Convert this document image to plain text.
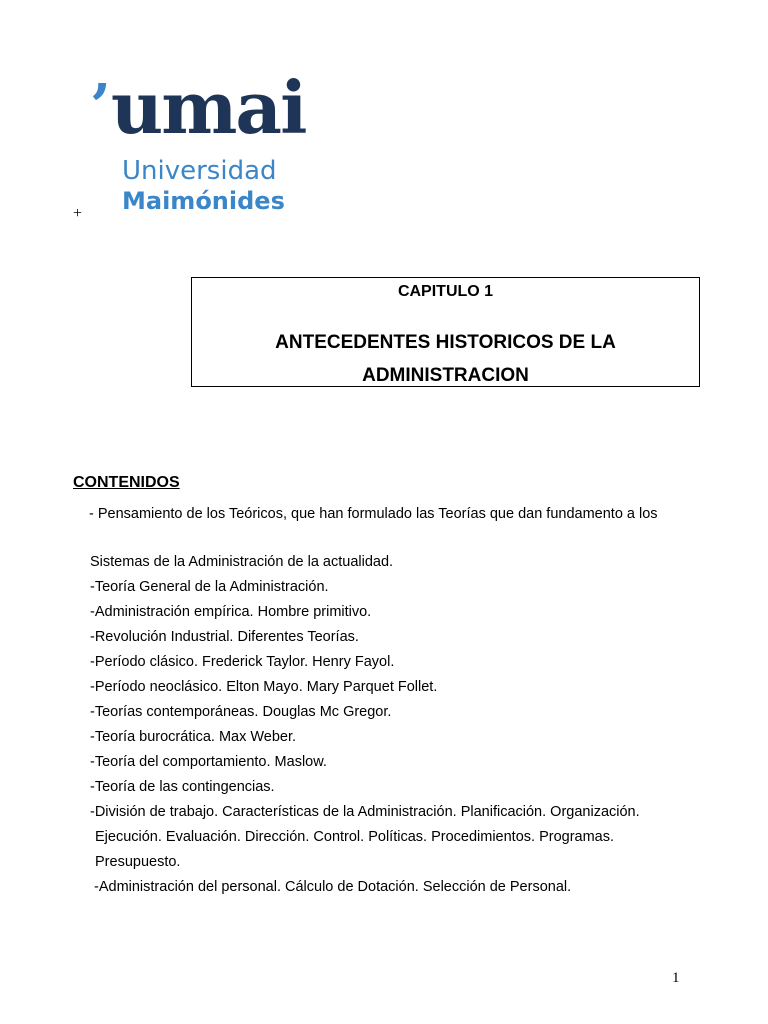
’umai
Universidad
Maimónides
+
CAPITULO 1
ANTECEDENTES HISTORICOS DE LA ADMINISTRACION
CONTENIDOS
- Pensamiento de los Teóricos, que han formulado las Teorías que dan fundamento a los
Sistemas de la Administración de la actualidad.
-Teoría General de la Administración.
-Administración empírica. Hombre primitivo.
-Revolución Industrial. Diferentes Teorías.
-Período clásico. Frederick Taylor. Henry Fayol.
-Período neoclásico. Elton Mayo. Mary Parquet Follet.
-Teorías contemporáneas. Douglas Mc Gregor.
-Teoría burocrática. Max Weber.
-Teoría del comportamiento. Maslow.
-Teoría de las contingencias.
-División de trabajo. Características de la Administración. Planificación. Organización.
Ejecución. Evaluación. Dirección. Control. Políticas. Procedimientos. Programas.
Presupuesto.
-Administración del personal. Cálculo de Dotación. Selección de Personal.
1
